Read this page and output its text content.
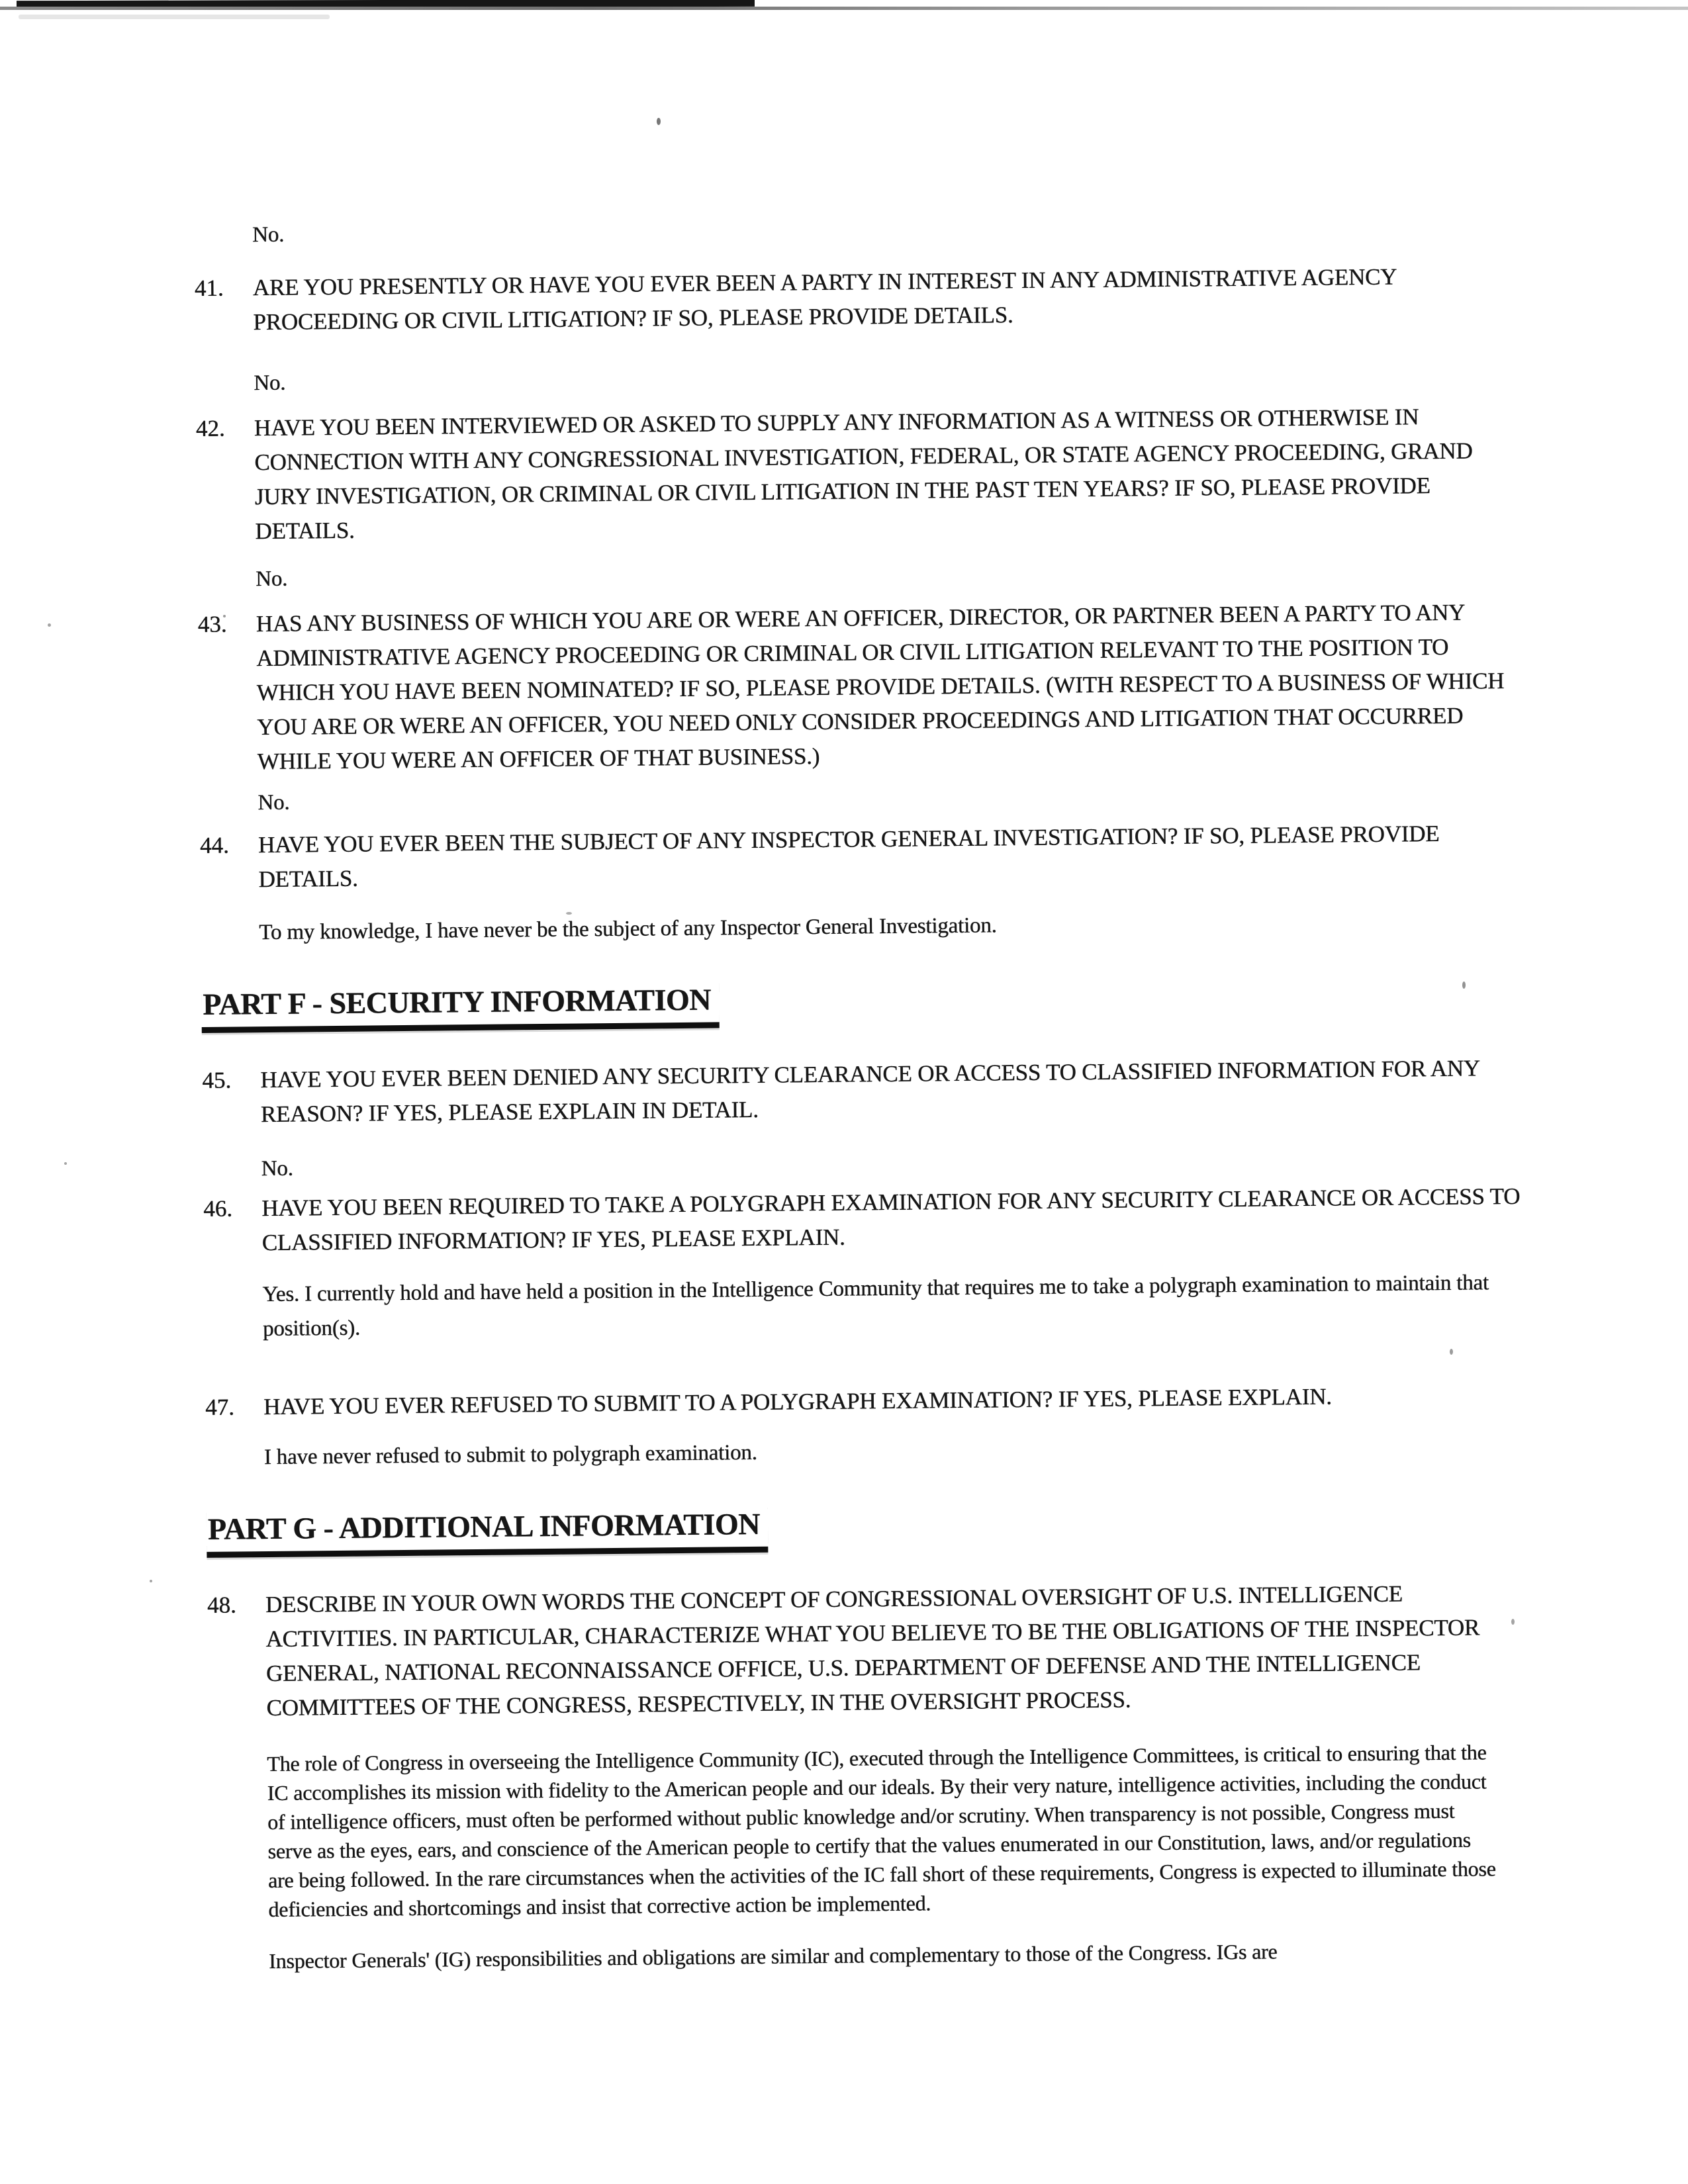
No.
41.	ARE YOU PRESENTLY OR HAVE YOU EVER BEEN A PARTY IN INTEREST IN ANY ADMINISTRATIVE AGENCY PROCEEDING OR CIVIL LITIGATION? IF SO, PLEASE PROVIDE DETAILS.
No.
42.	HAVE YOU BEEN INTERVIEWED OR ASKED TO SUPPLY ANY INFORMATION AS A WITNESS OR OTHERWISE IN CONNECTION WITH ANY CONGRESSIONAL INVESTIGATION, FEDERAL, OR STATE AGENCY PROCEEDING, GRAND JURY INVESTIGATION, OR CRIMINAL OR CIVIL LITIGATION IN THE PAST TEN YEARS? IF SO, PLEASE PROVIDE DETAILS.
No.
43.	HAS ANY BUSINESS OF WHICH YOU ARE OR WERE AN OFFICER, DIRECTOR, OR PARTNER BEEN A PARTY TO ANY ADMINISTRATIVE AGENCY PROCEEDING OR CRIMINAL OR CIVIL LITIGATION RELEVANT TO THE POSITION TO WHICH YOU HAVE BEEN NOMINATED? IF SO, PLEASE PROVIDE DETAILS. (WITH RESPECT TO A BUSINESS OF WHICH YOU ARE OR WERE AN OFFICER, YOU NEED ONLY CONSIDER PROCEEDINGS AND LITIGATION THAT OCCURRED WHILE YOU WERE AN OFFICER OF THAT BUSINESS.)
No.
44.	HAVE YOU EVER BEEN THE SUBJECT OF ANY INSPECTOR GENERAL INVESTIGATION? IF SO, PLEASE PROVIDE DETAILS.
To my knowledge, I have never be the subject of any Inspector General Investigation.
PART F - SECURITY INFORMATION
45.	HAVE YOU EVER BEEN DENIED ANY SECURITY CLEARANCE OR ACCESS TO CLASSIFIED INFORMATION FOR ANY REASON? IF YES, PLEASE EXPLAIN IN DETAIL.
No.
46.	HAVE YOU BEEN REQUIRED TO TAKE A POLYGRAPH EXAMINATION FOR ANY SECURITY CLEARANCE OR ACCESS TO CLASSIFIED INFORMATION? IF YES, PLEASE EXPLAIN.
Yes. I currently hold and have held a position in the Intelligence Community that requires me to take a polygraph examination to maintain that position(s).
47.	HAVE YOU EVER REFUSED TO SUBMIT TO A POLYGRAPH EXAMINATION? IF YES, PLEASE EXPLAIN.
I have never refused to submit to polygraph examination.
PART G - ADDITIONAL INFORMATION
48.	DESCRIBE IN YOUR OWN WORDS THE CONCEPT OF CONGRESSIONAL OVERSIGHT OF U.S. INTELLIGENCE ACTIVITIES. IN PARTICULAR, CHARACTERIZE WHAT YOU BELIEVE TO BE THE OBLIGATIONS OF THE INSPECTOR GENERAL, NATIONAL RECONNAISSANCE OFFICE, U.S. DEPARTMENT OF DEFENSE AND THE INTELLIGENCE COMMITTEES OF THE CONGRESS, RESPECTIVELY, IN THE OVERSIGHT PROCESS.
The role of Congress in overseeing the Intelligence Community (IC), executed through the Intelligence Committees, is critical to ensuring that the IC accomplishes its mission with fidelity to the American people and our ideals. By their very nature, intelligence activities, including the conduct of intelligence officers, must often be performed without public knowledge and/or scrutiny. When transparency is not possible, Congress must serve as the eyes, ears, and conscience of the American people to certify that the values enumerated in our Constitution, laws, and/or regulations are being followed. In the rare circumstances when the activities of the IC fall short of these requirements, Congress is expected to illuminate those deficiencies and shortcomings and insist that corrective action be implemented.
Inspector Generals' (IG) responsibilities and obligations are similar and complementary to those of the Congress. IGs are
